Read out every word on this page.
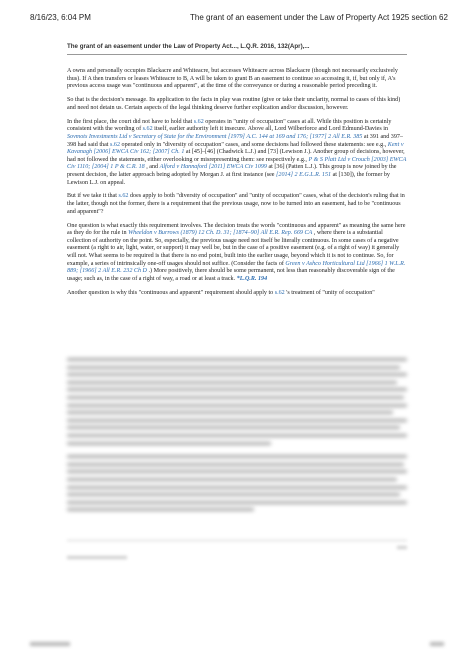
8/16/23, 6:04 PM	The grant of an easement under the Law of Property Act 1925 section 62
The grant of an easement under the Law of Property Act..., L.Q.R. 2016, 132(Apr),...

A owns and personally occupies Blackacre and Whiteacre, but accesses Whiteacre across Blackacre (though not necessarily exclusively thus). If A then transfers or leases Whiteacre to B, A will be taken to grant B an easement to continue so accessing it, if, but only if, A's previous access usage was "continuous and apparent", at the time of the conveyance or during a reasonable period preceding it.

So that is the decision's message. Its application to the facts in play was routine (give or take their unclarity, normal to cases of this kind) and need not detain us. Certain aspects of the legal thinking deserve further explication and/or discussion, however.

In the first place, the court did not have to hold that s.62 operates in "unity of occupation" cases at all. While this position is certainly consistent with the wording of s.62 itself, earlier authority left it insecure. Above all, Lord Wilberforce and Lord Edmund-Davies in Sovmots Investments Ltd v Secretary of State for the Environment [1979] A.C. 144 at 169 and 176; [1977] 2 All E.R. 385 at 391 and 397–398 had said that s.62 operated only in "diversity of occupation" cases, and some decisions had followed these statements: see e.g., Kent v Kavanagh [2006] EWCA Civ 162; [2007] Ch. 1 at [45]–[46] (Chadwick L.J.) and [73] (Lewison J.). Another group of decisions, however, had not followed the statements, either overlooking or misrepresenting them: see respectively e.g., P & S Platt Ltd v Crouch [2003] EWCA Civ 1110; [2004] 1 P & C.R. 18 , and Alford v Hannaford [2011] EWCA Civ 1099 at [36] (Patten L.J.). This group is now joined by the present decision, the latter approach being adopted by Morgan J. at first instance (see [2014] 2 E.G.L.R. 151 at [130]), the former by Lewison L.J. on appeal.

But if we take it that s.62 does apply to both "diversity of occupation" and "unity of occupation" cases, what of the decision's ruling that in the latter, though not the former, there is a requirement that the previous usage, now to be turned into an easement, had to be "continuous and apparent"?

One question is what exactly this requirement involves. The decision treats the words "continuous and apparent" as meaning the same here as they do for the rule in Wheeldon v Burrows (1879) 12 Ch. D. 31; [1874–90] All E.R. Rep. 669 CA , where there is a substantial collection of authority on the point. So, especially, the previous usage need not itself be literally continuous. In some cases of a negative easement (a right to air, light, water, or support) it may well be, but in the case of a positive easement (e.g. of a right of way) it generally will not. What seems to be required is that there is no end point, built into the earlier usage, beyond which it is not to continue. So, for example, a series of intrinsically one-off usages should not suffice. (Consider the facts of Green v Ashco Horticultural Ltd [1966] 1 W.L.R. 889; [1966] 2 All E.R. 232 Ch D .) More positively, there should be some permanent, not less than reasonably discoverable sign of the usage; such as, in the case of a right of way, a road or at least a track. *L.Q.R. 194

Another question is why this "continuous and apparent" requirement should apply to s.62 's treatment of "unity of occupation"
